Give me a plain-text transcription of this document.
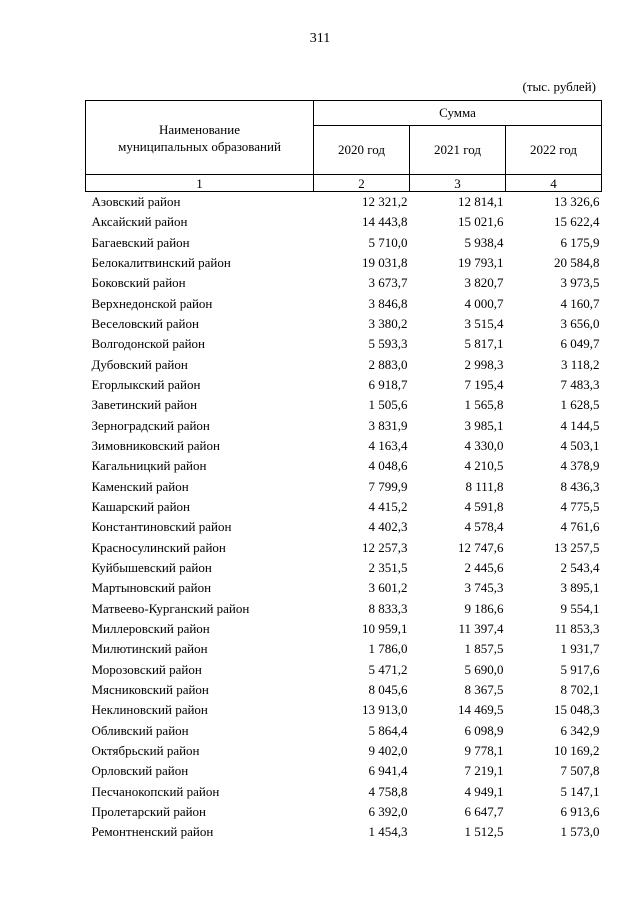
311
(тыс. рублей)
Наименование
муниципальных образований	Сумма		
	2020 год	2021 год	2022 год
1	2	3	4
Азовский район	12 321,2	12 814,1	13 326,6
Аксайский район	14 443,8	15 021,6	15 622,4
Багаевский район	5 710,0	5 938,4	6 175,9
Белокалитвинский район	19 031,8	19 793,1	20 584,8
Боковский район	3 673,7	3 820,7	3 973,5
Верхнедонской район	3 846,8	4 000,7	4 160,7
Веселовский район	3 380,2	3 515,4	3 656,0
Волгодонской район	5 593,3	5 817,1	6 049,7
Дубовский район	2 883,0	2 998,3	3 118,2
Егорлыкский район	6 918,7	7 195,4	7 483,3
Заветинский район	1 505,6	1 565,8	1 628,5
Зерноградский район	3 831,9	3 985,1	4 144,5
Зимовниковский район	4 163,4	4 330,0	4 503,1
Кагальницкий район	4 048,6	4 210,5	4 378,9
Каменский район	7 799,9	8 111,8	8 436,3
Кашарский район	4 415,2	4 591,8	4 775,5
Константиновский район	4 402,3	4 578,4	4 761,6
Красносулинский район	12 257,3	12 747,6	13 257,5
Куйбышевский район	2 351,5	2 445,6	2 543,4
Мартыновский район	3 601,2	3 745,3	3 895,1
Матвеево-Курганский район	8 833,3	9 186,6	9 554,1
Миллеровский район	10 959,1	11 397,4	11 853,3
Милютинский район	1 786,0	1 857,5	1 931,7
Морозовский район	5 471,2	5 690,0	5 917,6
Мясниковский район	8 045,6	8 367,5	8 702,1
Неклиновский район	13 913,0	14 469,5	15 048,3
Обливский район	5 864,4	6 098,9	6 342,9
Октябрьский район	9 402,0	9 778,1	10 169,2
Орловский район	6 941,4	7 219,1	7 507,8
Песчанокопский район	4 758,8	4 949,1	5 147,1
Пролетарский район	6 392,0	6 647,7	6 913,6
Ремонтненский район	1 454,3	1 512,5	1 573,0
